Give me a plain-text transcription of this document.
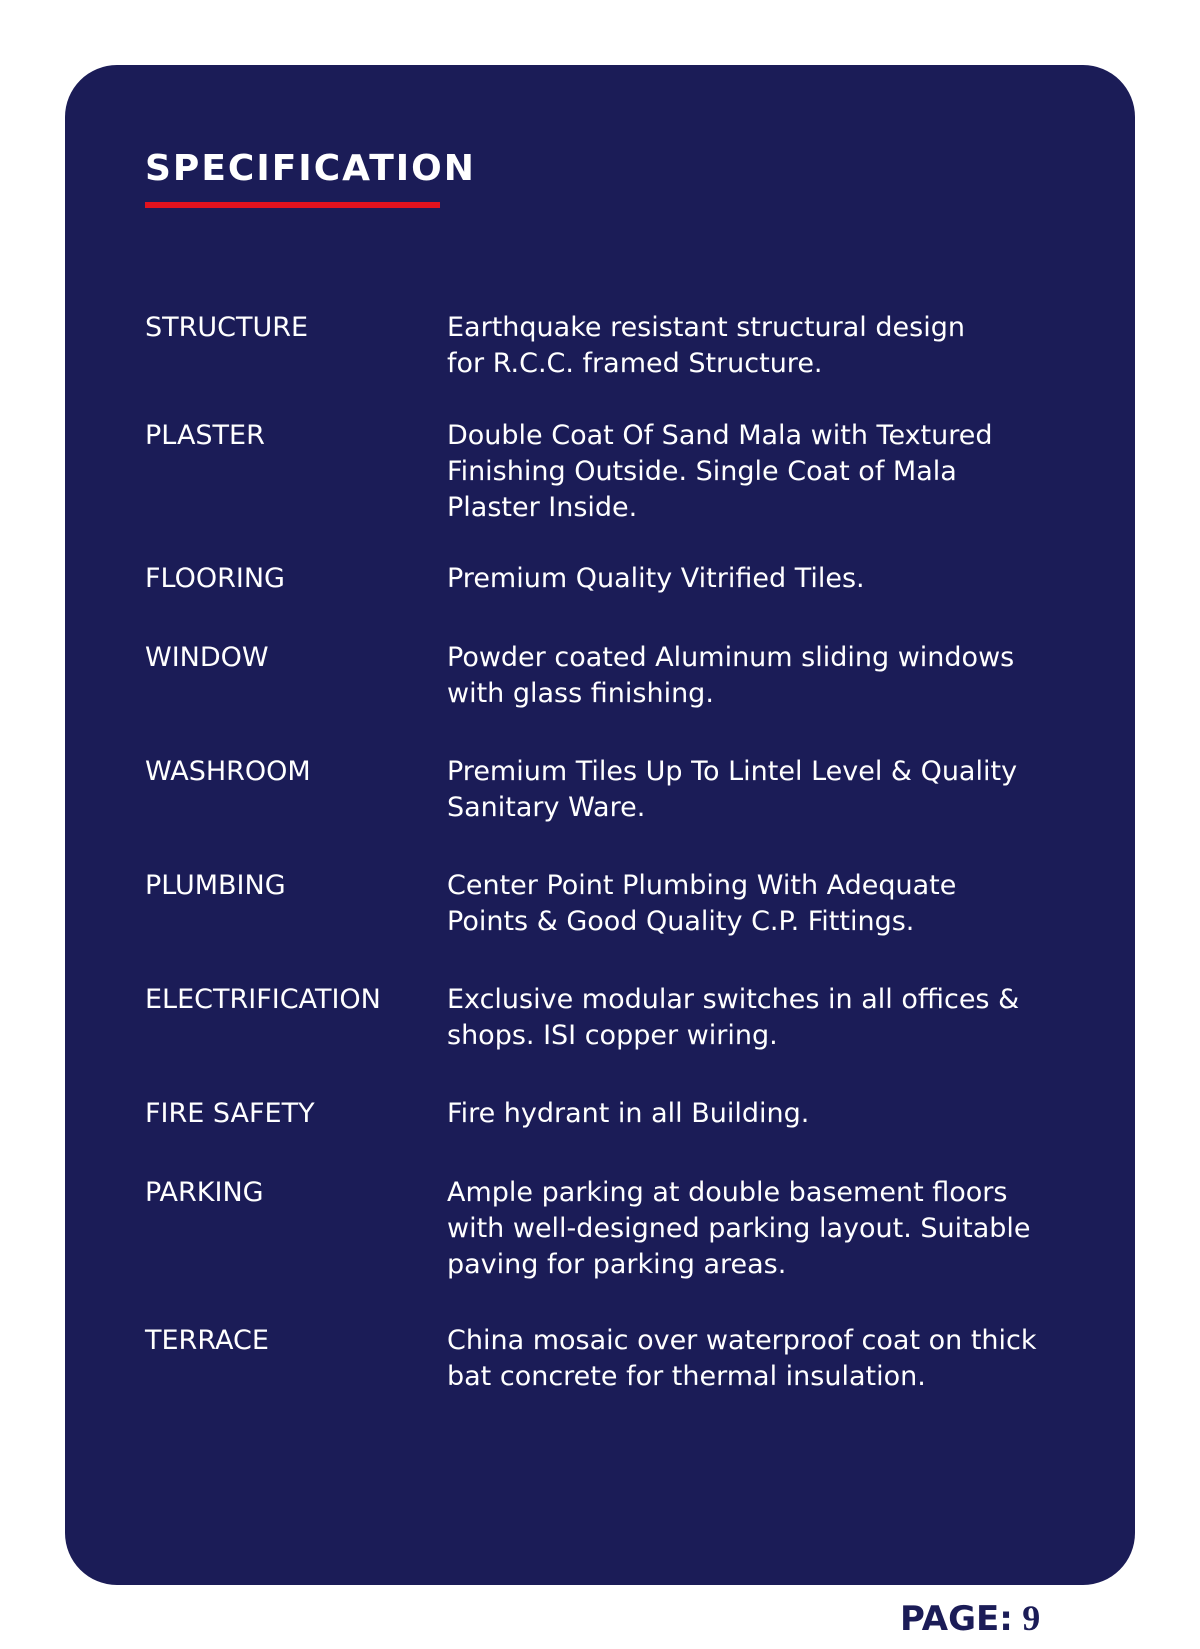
SPECIFICATION
STRUCTURE	Earthquake resistant structural design
for R.C.C. framed Structure.
PLASTER	Double Coat Of Sand Mala with Textured
Finishing Outside. Single Coat of Mala
Plaster Inside.
FLOORING	Premium Quality Vitrified Tiles.
WINDOW	Powder coated Aluminum sliding windows
with glass finishing.
WASHROOM	Premium Tiles Up To Lintel Level & Quality
Sanitary Ware.
PLUMBING	Center Point Plumbing With Adequate
Points & Good Quality C.P. Fittings.
ELECTRIFICATION	Exclusive modular switches in all offices &
shops. ISI copper wiring.
FIRE SAFETY	Fire hydrant in all Building.
PARKING	Ample parking at double basement floors
with well-designed parking layout. Suitable
paving for parking areas.
TERRACE	China mosaic over waterproof coat on thick
bat concrete for thermal insulation.
PAGE: 9
